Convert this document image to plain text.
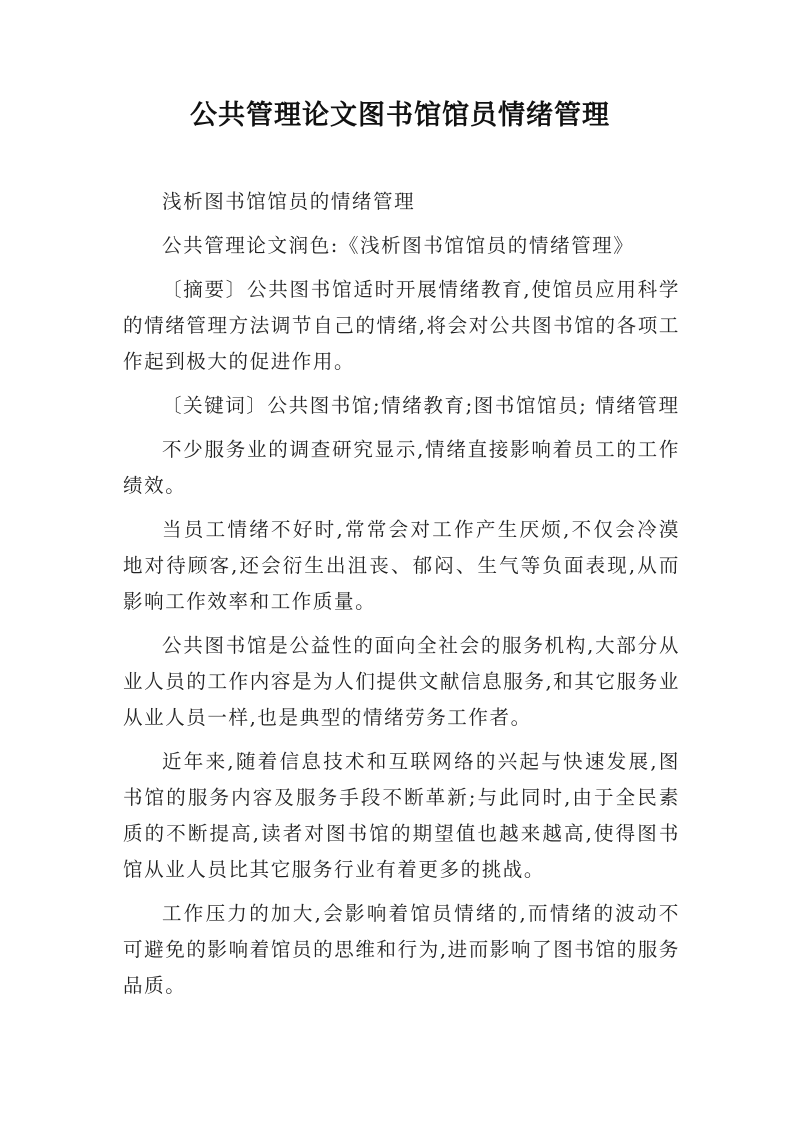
公共管理论文图书馆馆员情绪管理

浅析图书馆馆员的情绪管理

公共管理论文润色:《浅析图书馆馆员的情绪管理》

〔摘要〕公共图书馆适时开展情绪教育,使馆员应用科学的情绪管理方法调节自己的情绪,将会对公共图书馆的各项工作起到极大的促进作用。

〔关键词〕公共图书馆;情绪教育;图书馆馆员; 情绪管理

不少服务业的调查研究显示,情绪直接影响着员工的工作绩效。

当员工情绪不好时,常常会对工作产生厌烦,不仅会冷漠地对待顾客,还会衍生出沮丧、郁闷、生气等负面表现,从而影响工作效率和工作质量。

公共图书馆是公益性的面向全社会的服务机构,大部分从业人员的工作内容是为人们提供文献信息服务,和其它服务业从业人员一样,也是典型的情绪劳务工作者。

近年来,随着信息技术和互联网络的兴起与快速发展,图书馆的服务内容及服务手段不断革新;与此同时,由于全民素质的不断提高,读者对图书馆的期望值也越来越高,使得图书馆从业人员比其它服务行业有着更多的挑战。

工作压力的加大,会影响着馆员情绪的,而情绪的波动不可避免的影响着馆员的思维和行为,进而影响了图书馆的服务品质。
